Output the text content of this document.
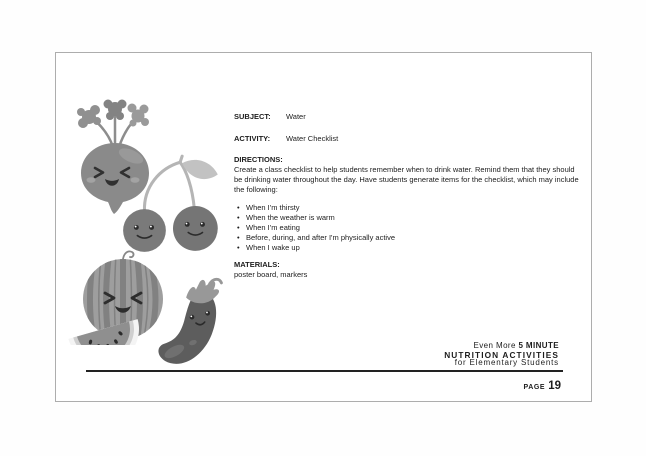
SUBJECT: Water
ACTIVITY: Water Checklist
DIRECTIONS:
Create a class checklist to help students remember when to drink water. Remind them that they should be drinking water throughout the day. Have students generate items for the checklist, which may include the following:
• When I'm thirsty
• When the weather is warm
• When I'm eating
• Before, during, and after I'm physically active
• When I wake up
MATERIALS:
poster board, markers
Even More 5 MINUTE
NUTRITION ACTIVITIES
for Elementary Students
PAGE 19
